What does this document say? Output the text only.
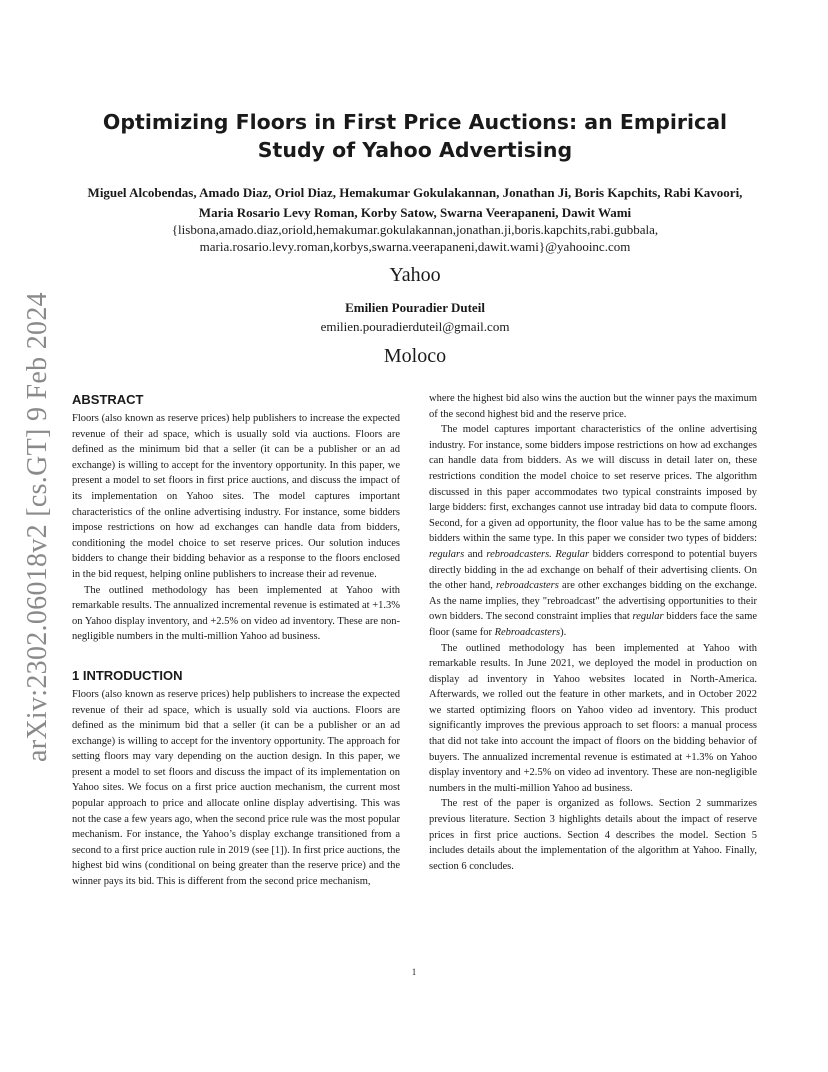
arXiv:2302.06018v2 [cs.GT] 9 Feb 2024
Optimizing Floors in First Price Auctions: an Empirical Study of Yahoo Advertising
Miguel Alcobendas, Amado Diaz, Oriol Diaz, Hemakumar Gokulakannan, Jonathan Ji, Boris Kapchits, Rabi Kavoori, Maria Rosario Levy Roman, Korby Satow, Swarna Veerapaneni, Dawit Wami
{lisbona,amado.diaz,oriold,hemakumar.gokulakannan,jonathan.ji,boris.kapchits,rabi.gubbala, maria.rosario.levy.roman,korbys,swarna.veerapaneni,dawit.wami}@yahooinc.com
Yahoo
Emilien Pouradier Duteil
emilien.pouradierduteil@gmail.com
Moloco
ABSTRACT

Floors (also known as reserve prices) help publishers to increase the expected revenue of their ad space, which is usually sold via auctions. Floors are defined as the minimum bid that a seller (it can be a publisher or an ad exchange) is willing to accept for the inventory opportunity. In this paper, we present a model to set floors in first price auctions, and discuss the impact of its implementation on Yahoo sites. The model captures important characteristics of the online advertising industry. For instance, some bidders impose restrictions on how ad exchanges can handle data from bidders, conditioning the model choice to set reserve prices. Our solution induces bidders to change their bidding behavior as a response to the floors enclosed in the bid request, helping online publishers to increase their ad revenue.

The outlined methodology has been implemented at Yahoo with remarkable results. The annualized incremental revenue is estimated at +1.3% on Yahoo display inventory, and +2.5% on video ad inventory. These are non-negligible numbers in the multi-million Yahoo ad business.

1 INTRODUCTION

Floors (also known as reserve prices) help publishers to increase the expected revenue of their ad space, which is usually sold via auctions. Floors are defined as the minimum bid that a seller (it can be a publisher or an ad exchange) is willing to accept for the inventory opportunity. The approach for setting floors may vary depending on the auction design. In this paper, we present a model to set floors and discuss the impact of its implementation on Yahoo sites. We focus on a first price auction mechanism, the current most popular approach to price and allocate online display advertising. This was not the case a few years ago, when the second price rule was the most popular mechanism. For instance, the Yahoo’s display exchange transitioned from a second to a first price auction rule in 2019 (see [1]). In first price auctions, the highest bid wins (conditional on being greater than the reserve price) and the winner pays its bid. This is different from the second price mechanism,

where the highest bid also wins the auction but the winner pays the maximum of the second highest bid and the reserve price.

The model captures important characteristics of the online advertising industry. For instance, some bidders impose restrictions on how ad exchanges can handle data from bidders. As we will discuss in detail later on, these restrictions condition the model choice to set reserve prices. The algorithm discussed in this paper accommodates two typical constraints imposed by large bidders: first, exchanges cannot use intraday bid data to compute floors. Second, for a given ad opportunity, the floor value has to be the same among bidders within the same type. In this paper we consider two types of bidders: regulars and rebroadcasters. Regular bidders correspond to potential buyers directly bidding in the ad exchange on behalf of their advertising clients. On the other hand, rebroadcasters are other exchanges bidding on the exchange. As the name implies, they "rebroadcast" the advertising opportunities to their own bidders. The second constraint implies that regular bidders face the same floor (same for Rebroadcasters).

The outlined methodology has been implemented at Yahoo with remarkable results. In June 2021, we deployed the model in production on display ad inventory in Yahoo websites located in North-America. Afterwards, we rolled out the feature in other markets, and in October 2022 we started optimizing floors on Yahoo video ad inventory. This product significantly improves the previous approach to set floors: a manual process that did not take into account the impact of floors on the bidding behavior of buyers. The annualized incremental revenue is estimated at +1.3% on Yahoo display inventory and +2.5% on video ad inventory. These are non-negligible numbers in the multi-million Yahoo ad business.

The rest of the paper is organized as follows. Section 2 summarizes previous literature. Section 3 highlights details about the impact of reserve prices in first price auctions. Section 4 describes the model. Section 5 includes details about the implementation of the algorithm at Yahoo. Finally, section 6 concludes.

1
